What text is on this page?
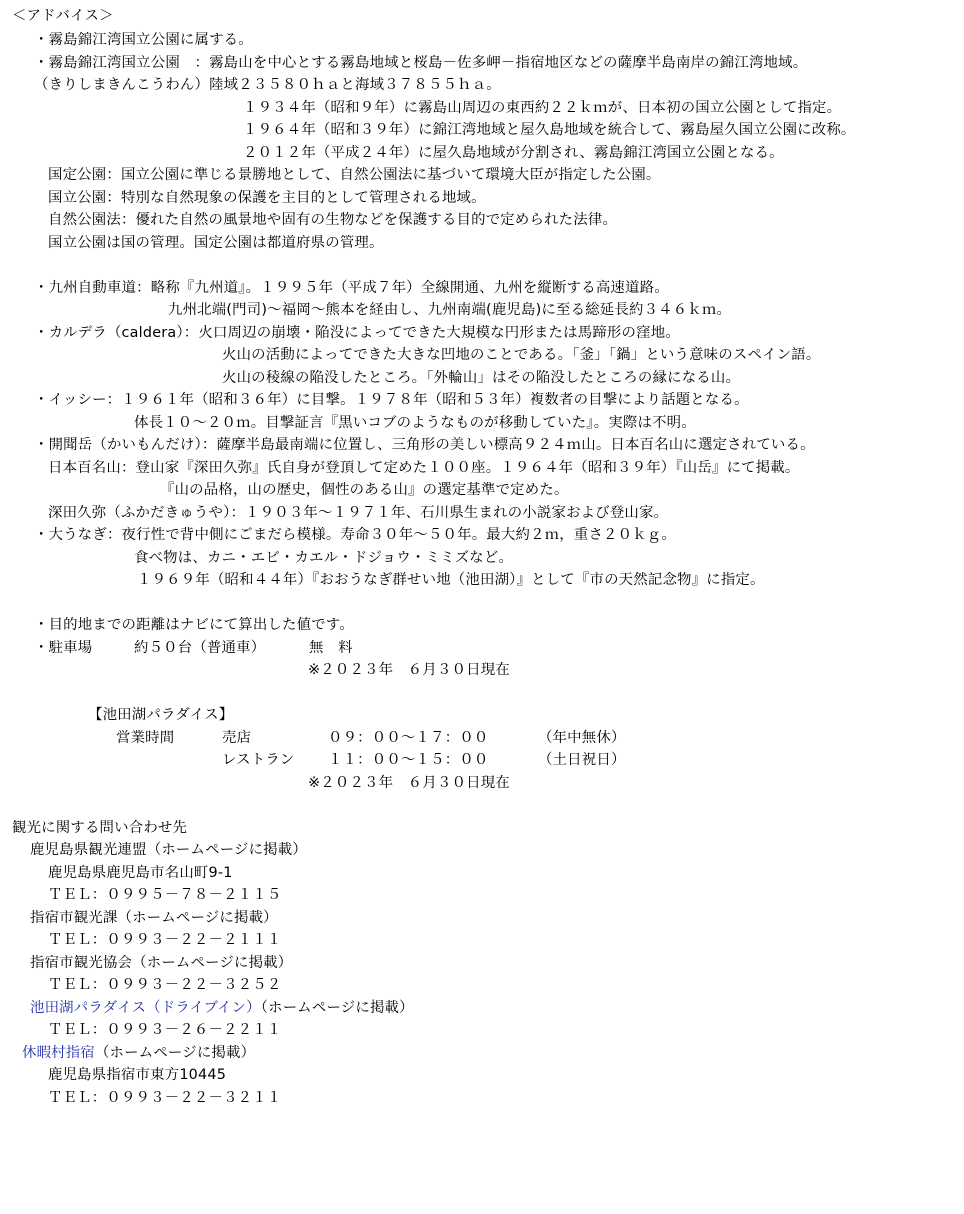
＜アドバイス＞
・霧島錦江湾国立公園に属する。
・霧島錦江湾国立公園　：霧島山を中心とする霧島地域と桜島－佐多岬－指宿地区などの薩摩半島南岸の錦江湾地域。
（きりしまきんこうわん）陸域２３５８０ｈａと海域３７８５５ｈａ。
１９３４年（昭和９年）に霧島山周辺の東西約２２ｋｍが、日本初の国立公園として指定。
１９６４年（昭和３９年）に錦江湾地域と屋久島地域を統合して、霧島屋久国立公園に改称。
２０１２年（平成２４年）に屋久島地域が分割され、霧島錦江湾国立公園となる。
国定公園：国立公園に準じる景勝地として、自然公園法に基づいて環境大臣が指定した公園。
国立公園：特別な自然現象の保護を主目的として管理される地域。
自然公園法：優れた自然の風景地や固有の生物などを保護する目的で定められた法律。
国立公園は国の管理。国定公園は都道府県の管理。
・九州自動車道：略称『九州道』。１９９５年（平成７年）全線開通、九州を縦断する高速道路。
九州北端(門司)～福岡～熊本を経由し、九州南端(鹿児島)に至る総延長約３４６ｋｍ。
・カルデラ（caldera）：火口周辺の崩壊・陥没によってできた大規模な円形または馬蹄形の窪地。
火山の活動によってできた大きな凹地のことである。「釜」「鍋」という意味のスペイン語。
火山の稜線の陥没したところ。「外輪山」はその陥没したところの縁になる山。
・イッシー：１９６１年（昭和３６年）に目撃。１９７８年（昭和５３年）複数者の目撃により話題となる。
体長１０～２０ｍ。目撃証言『黒いコブのようなものが移動していた』。実際は不明。
・開聞岳（かいもんだけ）：薩摩半島最南端に位置し、三角形の美しい標高９２４ｍ山。日本百名山に選定されている。
日本百名山：登山家『深田久弥』氏自身が登頂して定めた１００座。１９６４年（昭和３９年）『山岳』にて掲載。
『山の品格，山の歴史，個性のある山』の選定基準で定めた。
深田久弥（ふかだきゅうや）：１９０３年～１９７１年、石川県生まれの小説家および登山家。
・大うなぎ：夜行性で背中側にごまだら模様。寿命３０年～５０年。最大約２ｍ，重さ２０ｋｇ。
食べ物は、カニ・エビ・カエル・ドジョウ・ミミズなど。
１９６９年（昭和４４年）『おおうなぎ群せい地（池田湖）』として『市の天然記念物』に指定。
・目的地までの距離はナビにて算出した値です。
・駐車場	約５０台（普通車）	無　料
※２０２３年　６月３０日現在
【池田湖パラダイス】
営業時間	売店	０９：００～１７：００	（年中無休）
レストラン １１：００～１５：００	（土日祝日）
※２０２３年　６月３０日現在
観光に関する問い合わせ先
鹿児島県観光連盟（ホームページに掲載）
鹿児島県鹿児島市名山町9-1
ＴＥＬ：０９９５－７８－２１１５
指宿市観光課（ホームページに掲載）
ＴＥＬ：０９９３－２２－２１１１
指宿市観光協会（ホームページに掲載）
ＴＥＬ：０９９３－２２－３２５２
池田湖パラダイス（ドライブイン）（ホームページに掲載）
ＴＥＬ：０９９３－２６－２２１１
休暇村指宿（ホームページに掲載）
鹿児島県指宿市東方10445
ＴＥＬ：０９９３－２２－３２１１
